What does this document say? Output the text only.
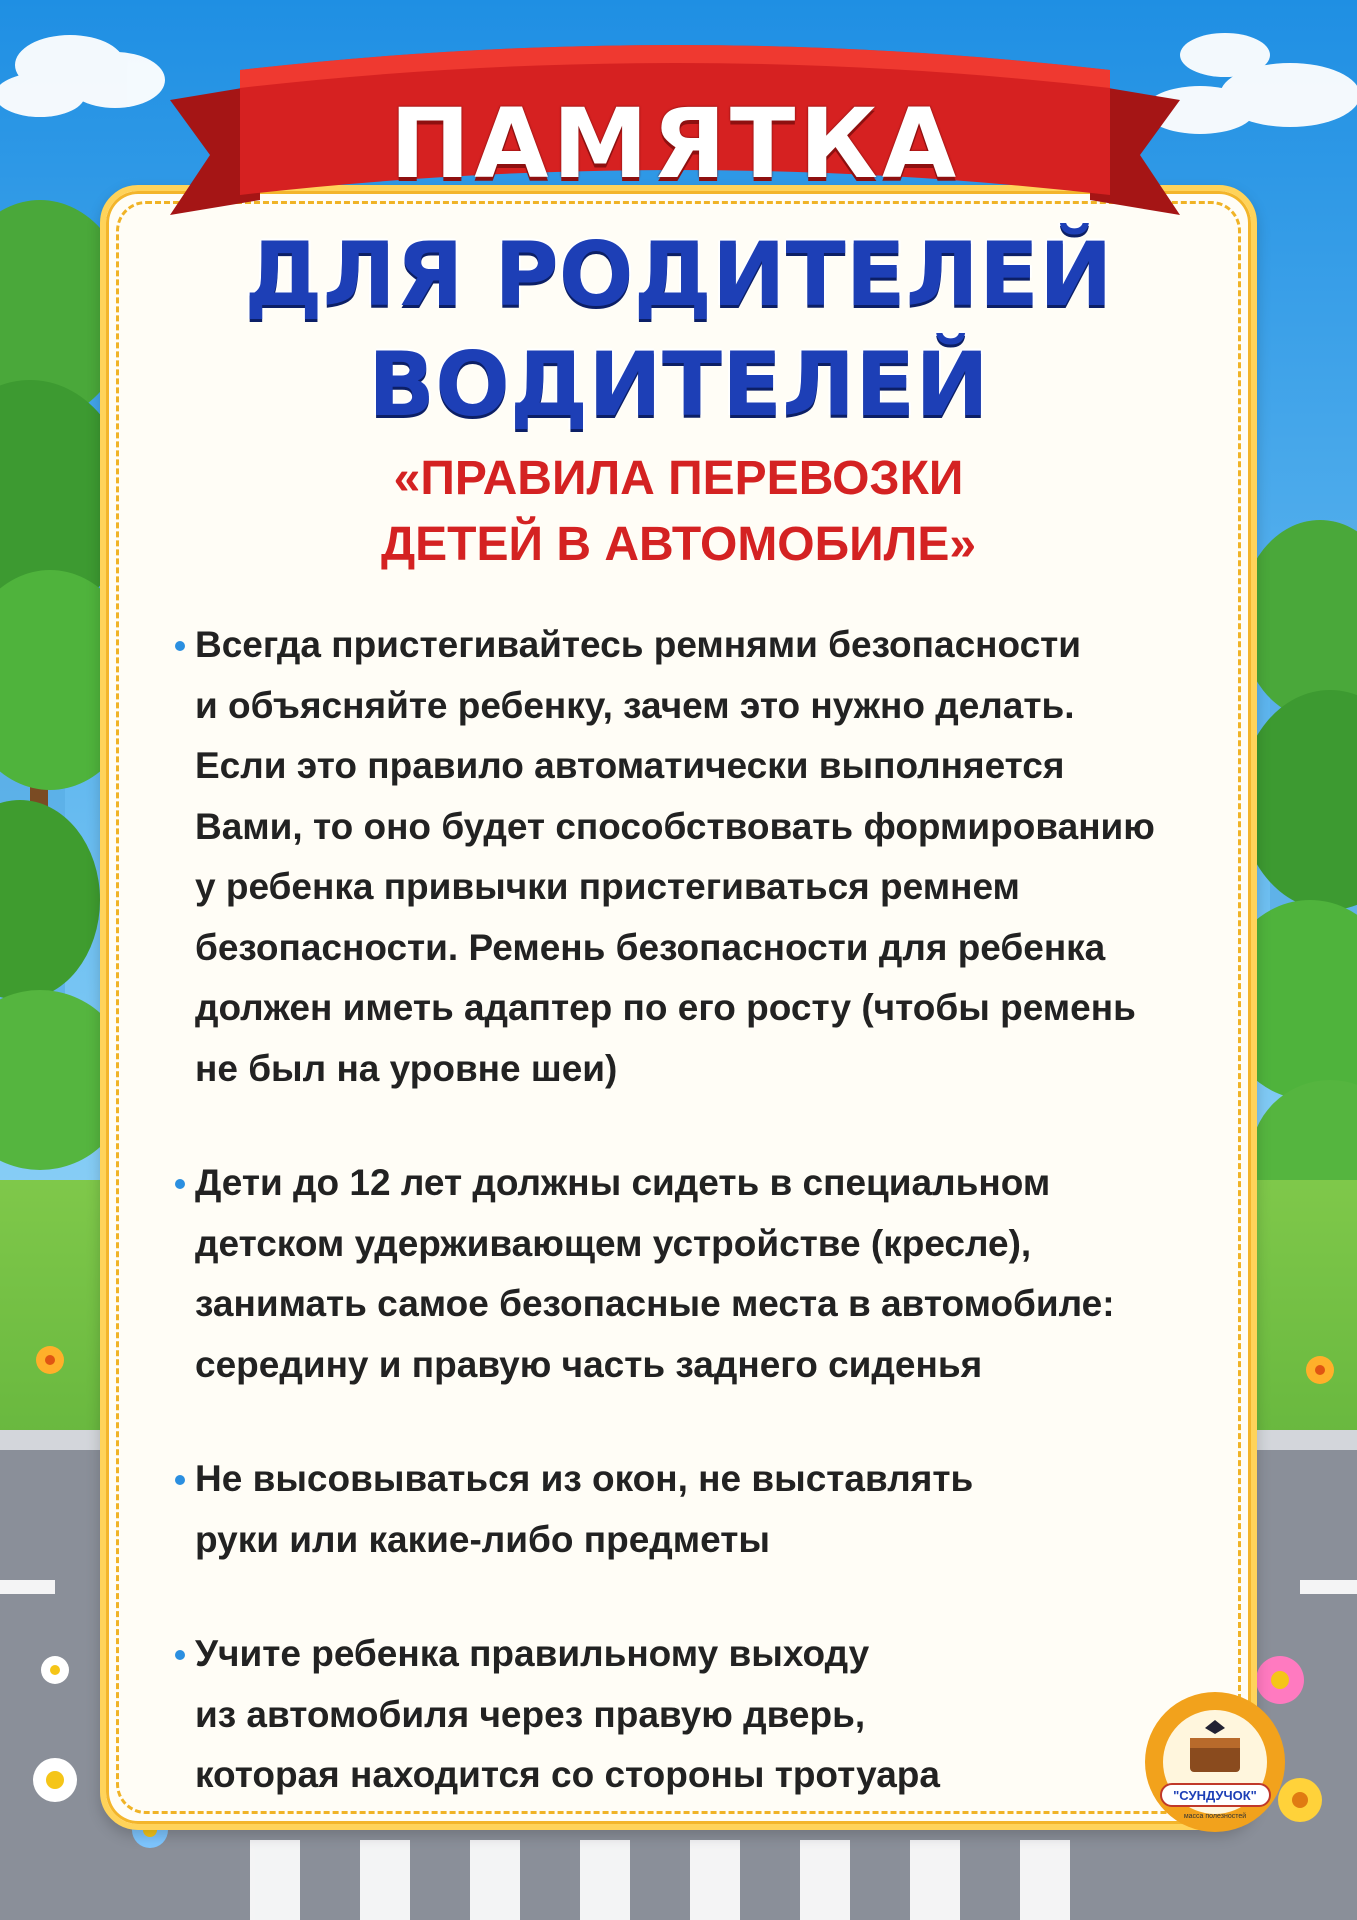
ПАМЯТКА
ДЛЯ РОДИТЕЛЕЙ
ВОДИТЕЛЕЙ
«ПРАВИЛА ПЕРЕВОЗКИ
ДЕТЕЙ В АВТОМОБИЛЕ»
Всегда пристегивайтесь ремнями безопасности
и объясняйте ребенку, зачем это нужно делать.
Если это правило автоматически выполняется
Вами, то оно будет способствовать формированию
у ребенка привычки пристегиваться ремнем
безопасности. Ремень безопасности для ребенка
должен иметь адаптер по его росту (чтобы ремень
не был на уровне шеи)
Дети до 12 лет должны сидеть в специальном
детском удерживающем устройстве (кресле),
занимать самое безопасные места в автомобиле:
середину и правую часть заднего сиденья
Не высовываться из окон, не выставлять
руки или какие-либо предметы
Учите ребенка правильному выходу
из автомобиля через правую дверь,
которая находится со стороны тротуара
"СУНДУЧОК"
масса полезностей
